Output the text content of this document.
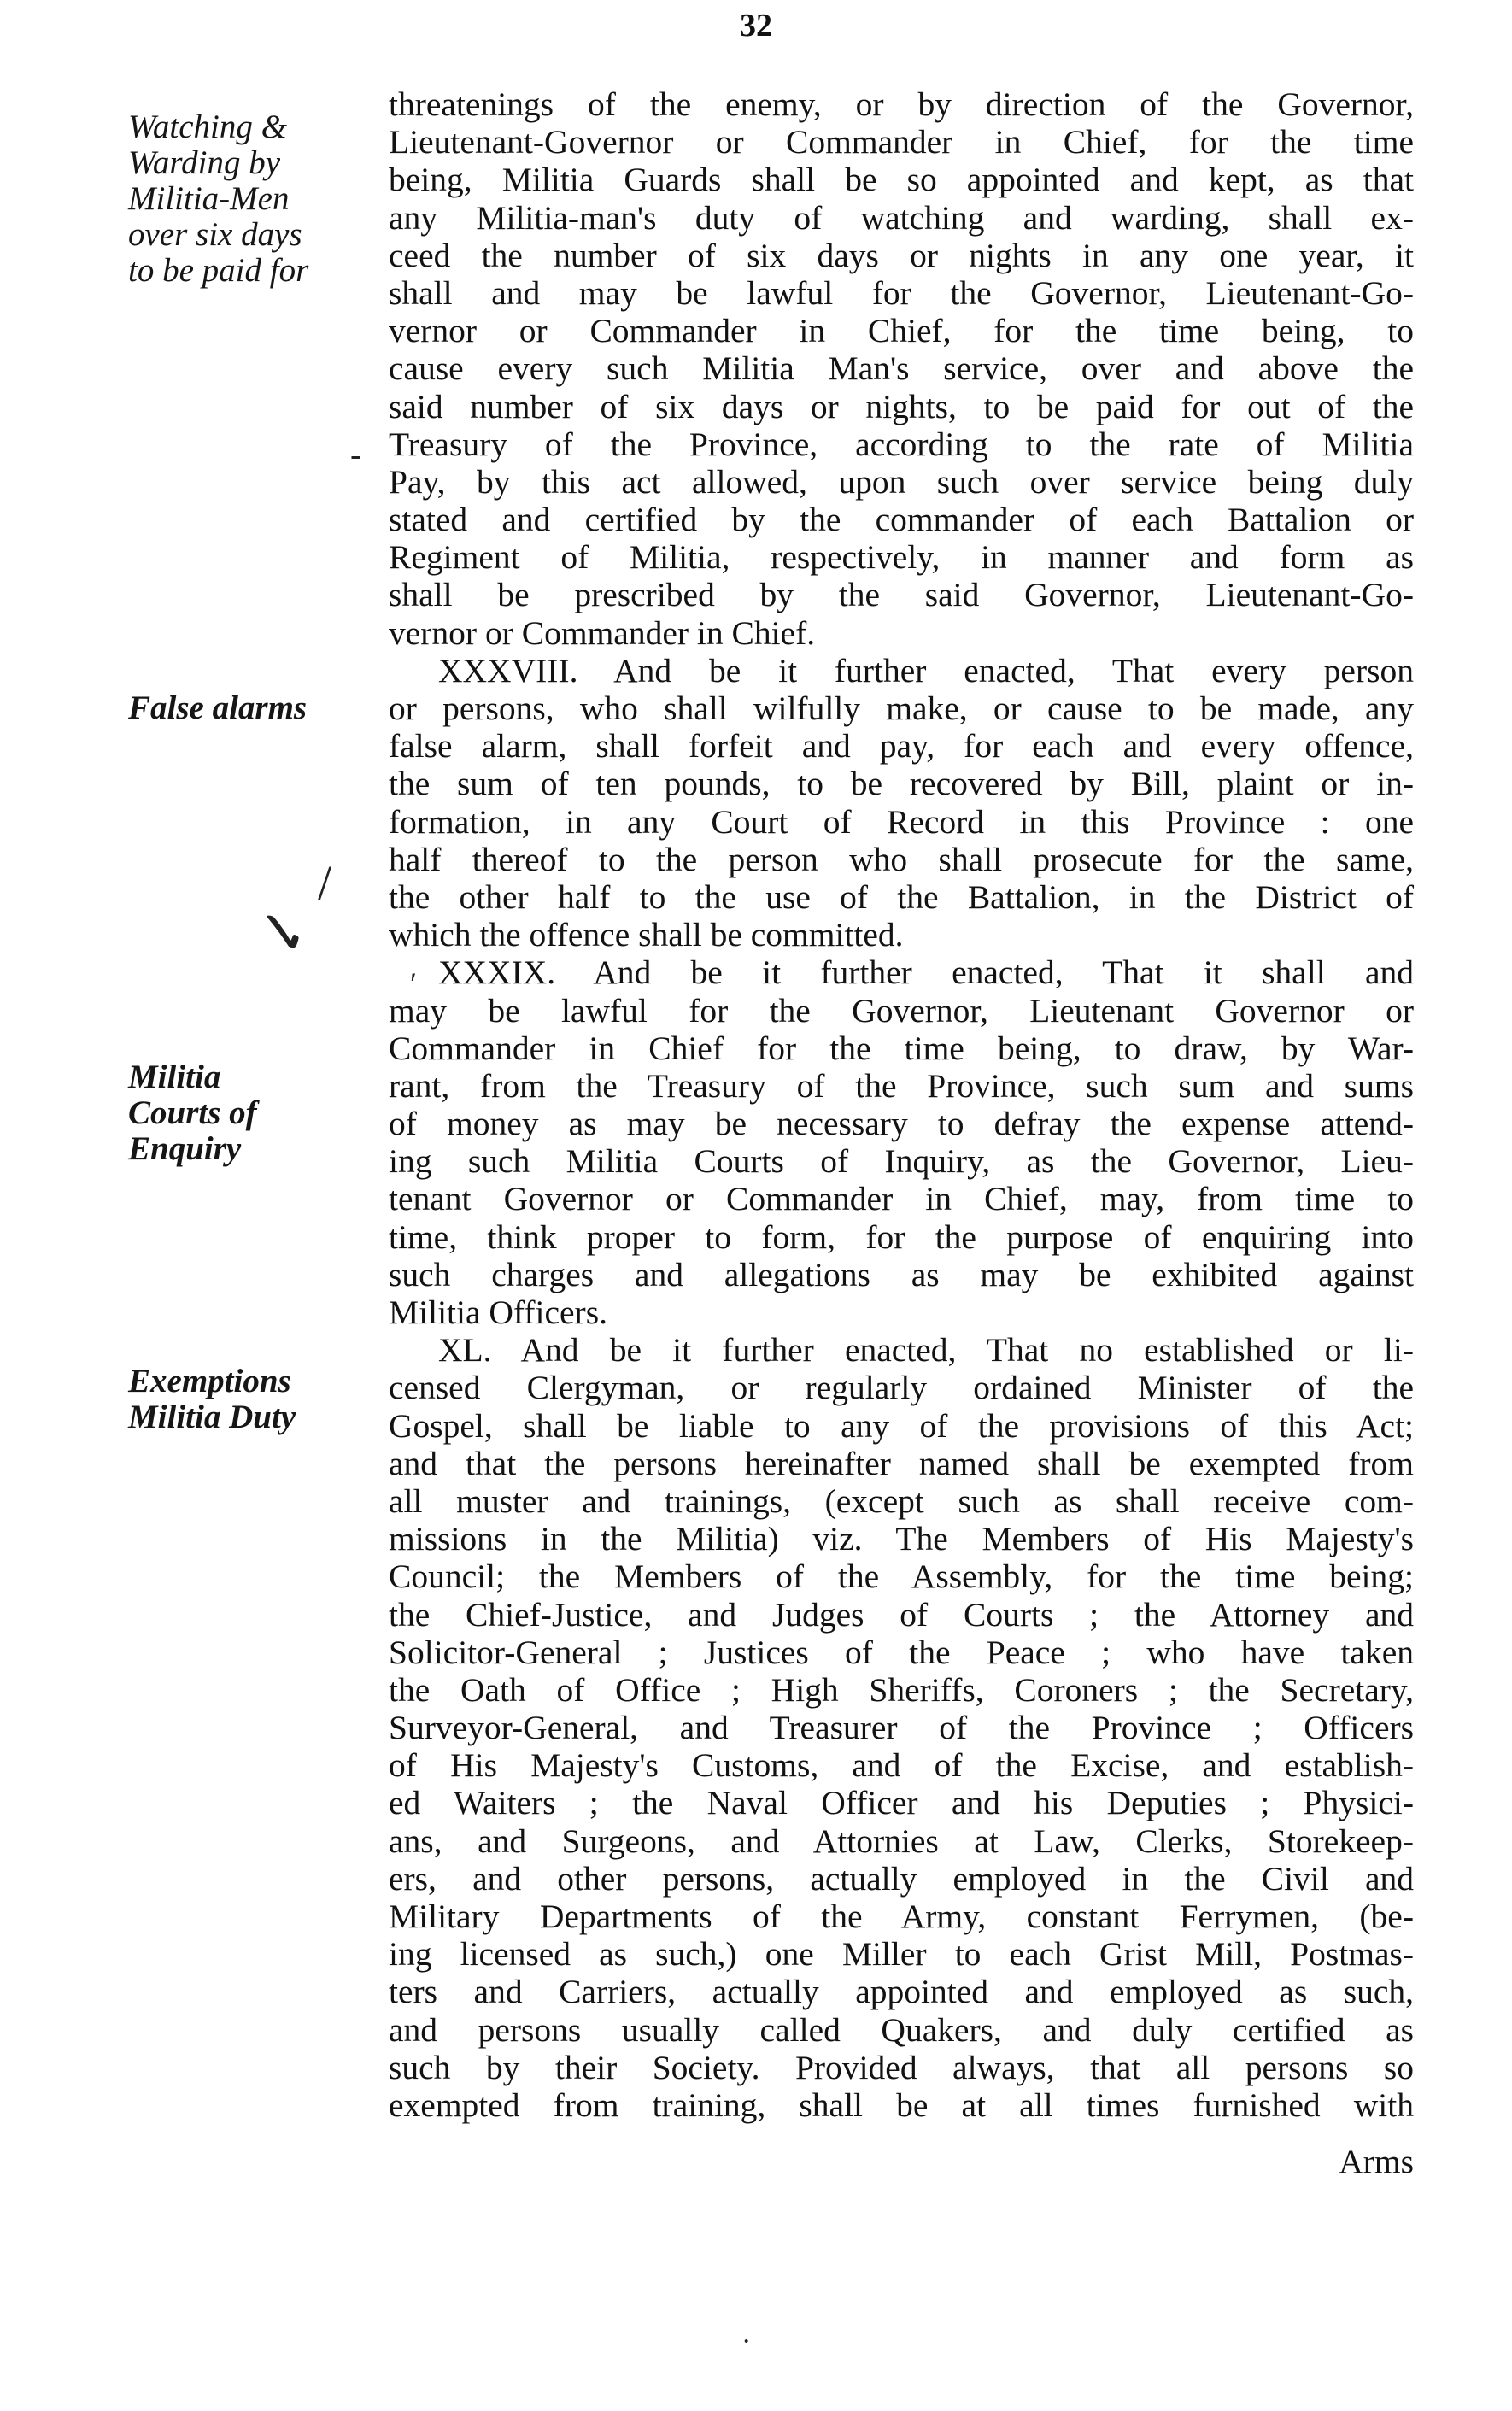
32
Watching &
Warding by
Militia-Men
over six days
to be paid for
False alarms
Militia
Courts of
Enquiry
Exemptions
Militia Duty
-
/
✓
ʹ
·
threatenings of the enemy, or by direction of the Governor,
Lieutenant-Governor or Commander in Chief, for the time
being, Militia Guards shall be so appointed and kept, as that
any Militia-man's duty of watching and warding, shall ex-
ceed the number of six days or nights in any one year, it
shall and may be lawful for the Governor, Lieutenant-Go-
vernor or Commander in Chief, for the time being, to
cause every such Militia Man's service, over and above the
said number of six days or nights, to be paid for out of the
Treasury of the Province, according to the rate of Militia
Pay, by this act allowed, upon such over service being duly
stated and certified by the commander of each Battalion or
Regiment of Militia, respectively, in manner and form as
shall be prescribed by the said Governor, Lieutenant-Go-
vernor or Commander in Chief.
XXXVIII. And be it further enacted, That every person
or persons, who shall wilfully make, or cause to be made, any
false alarm, shall forfeit and pay, for each and every offence,
the sum of ten pounds, to be recovered by Bill, plaint or in-
formation, in any Court of Record in this Province : one
half thereof to the person who shall prosecute for the same,
the other half to the use of the Battalion, in the District of
which the offence shall be committed.
XXXIX. And be it further enacted, That it shall and
may be lawful for the Governor, Lieutenant Governor or
Commander in Chief for the time being, to draw, by War-
rant, from the Treasury of the Province, such sum and sums
of money as may be necessary to defray the expense attend-
ing such Militia Courts of Inquiry, as the Governor, Lieu-
tenant Governor or Commander in Chief, may, from time to
time, think proper to form, for the purpose of enquiring into
such charges and allegations as may be exhibited against
Militia Officers.
XL. And be it further enacted, That no established or li-
censed Clergyman, or regularly ordained Minister of the
Gospel, shall be liable to any of the provisions of this Act;
and that the persons hereinafter named shall be exempted from
all muster and trainings, (except such as shall receive com-
missions in the Militia) viz. The Members of His Majesty's
Council; the Members of the Assembly, for the time being;
the Chief-Justice, and Judges of Courts ; the Attorney and
Solicitor-General ; Justices of the Peace ; who have taken
the Oath of Office ; High Sheriffs, Coroners ; the Secretary,
Surveyor-General, and Treasurer of the Province ; Officers
of His Majesty's Customs, and of the Excise, and establish-
ed Waiters ; the Naval Officer and his Deputies ; Physici-
ans, and Surgeons, and Attornies at Law, Clerks, Storekeep-
ers, and other persons, actually employed in the Civil and
Military Departments of the Army, constant Ferrymen, (be-
ing licensed as such,) one Miller to each Grist Mill, Postmas-
ters and Carriers, actually appointed and employed as such,
and persons usually called Quakers, and duly certified as
such by their Society. Provided always, that all persons so
exempted from training, shall be at all times furnished with
Arms
